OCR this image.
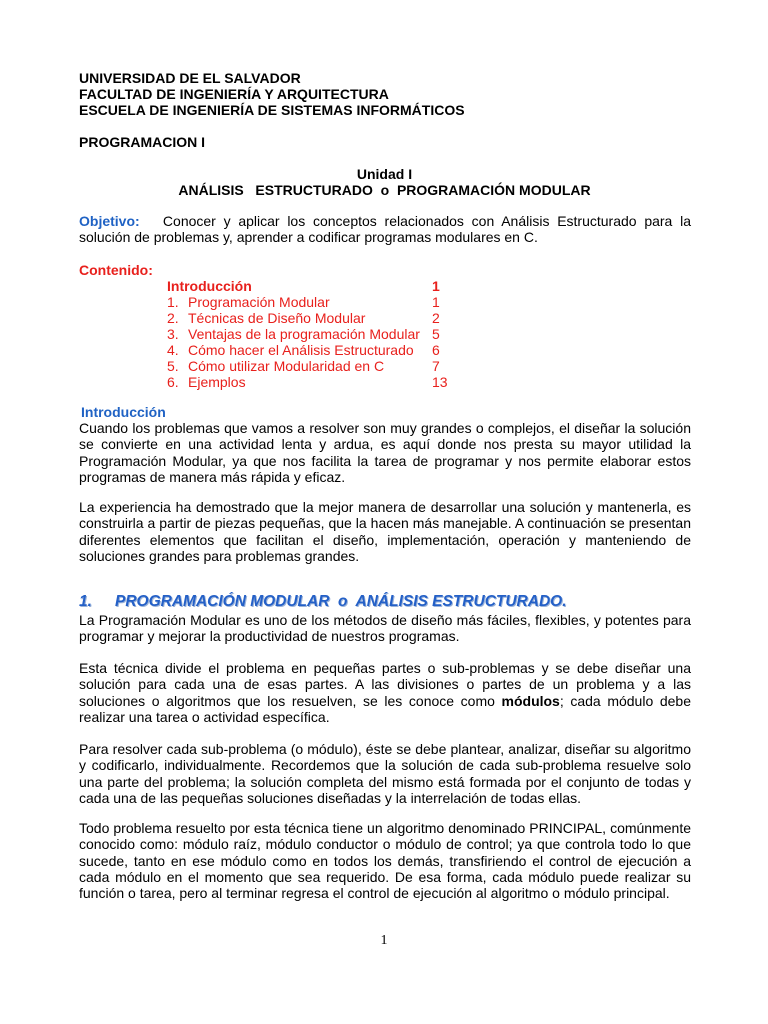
UNIVERSIDAD DE EL SALVADOR
FACULTAD DE INGENIERÍA Y ARQUITECTURA
ESCUELA DE INGENIERÍA DE SISTEMAS INFORMÁTICOS
PROGRAMACION I
Unidad I
ANÁLISIS   ESTRUCTURADO  o  PROGRAMACIÓN MODULAR
Objetivo: Conocer y aplicar los conceptos relacionados con Análisis Estructurado para la solución de problemas y, aprender a codificar programas modulares en C.
Contenido:
Introducción	1
1. Programación Modular	1
2. Técnicas de Diseño Modular	2
3. Ventajas de la programación Modular 5
4. Cómo hacer el Análisis Estructurado 6
5. Cómo utilizar Modularidad en C	7
6. Ejemplos	13
Introducción
Cuando los problemas que vamos a resolver son muy grandes o complejos, el diseñar la solución se convierte en una actividad lenta y ardua, es aquí donde nos presta su mayor utilidad la Programación Modular, ya que nos facilita la tarea de programar y nos permite elaborar estos programas de manera más rápida y eficaz.
La experiencia ha demostrado que la mejor manera de desarrollar una solución y mantenerla, es construirla a partir de piezas pequeñas, que la hacen más manejable. A continuación se presentan diferentes elementos que facilitan el diseño, implementación, operación y manteniendo de soluciones grandes para problemas grandes.
1. PROGRAMACIÓN MODULAR  o  ANÁLISIS ESTRUCTURADO.
La Programación Modular es uno de los métodos de diseño más fáciles, flexibles, y potentes para programar y mejorar la productividad de nuestros programas.
Esta técnica divide el problema en pequeñas partes o sub-problemas y se debe diseñar una solución para cada una de esas partes. A las divisiones o partes de un problema y a las soluciones o algoritmos que los resuelven, se les conoce como módulos; cada módulo debe realizar una tarea o actividad específica.
Para resolver cada sub-problema (o módulo), éste se debe plantear, analizar, diseñar su algoritmo y codificarlo, individualmente. Recordemos que la solución de cada sub-problema resuelve solo una parte del problema; la solución completa del mismo está formada por el conjunto de todas y cada una de las pequeñas soluciones diseñadas y la interrelación de todas ellas.
Todo problema resuelto por esta técnica tiene un algoritmo denominado PRINCIPAL, comúnmente conocido como: módulo raíz, módulo conductor o módulo de control; ya que controla todo lo que sucede, tanto en ese módulo como en todos los demás, transfiriendo el control de ejecución a cada módulo en el momento que sea requerido. De esa forma, cada módulo puede realizar su función o tarea, pero al terminar regresa el control de ejecución al algoritmo o módulo principal.
1
